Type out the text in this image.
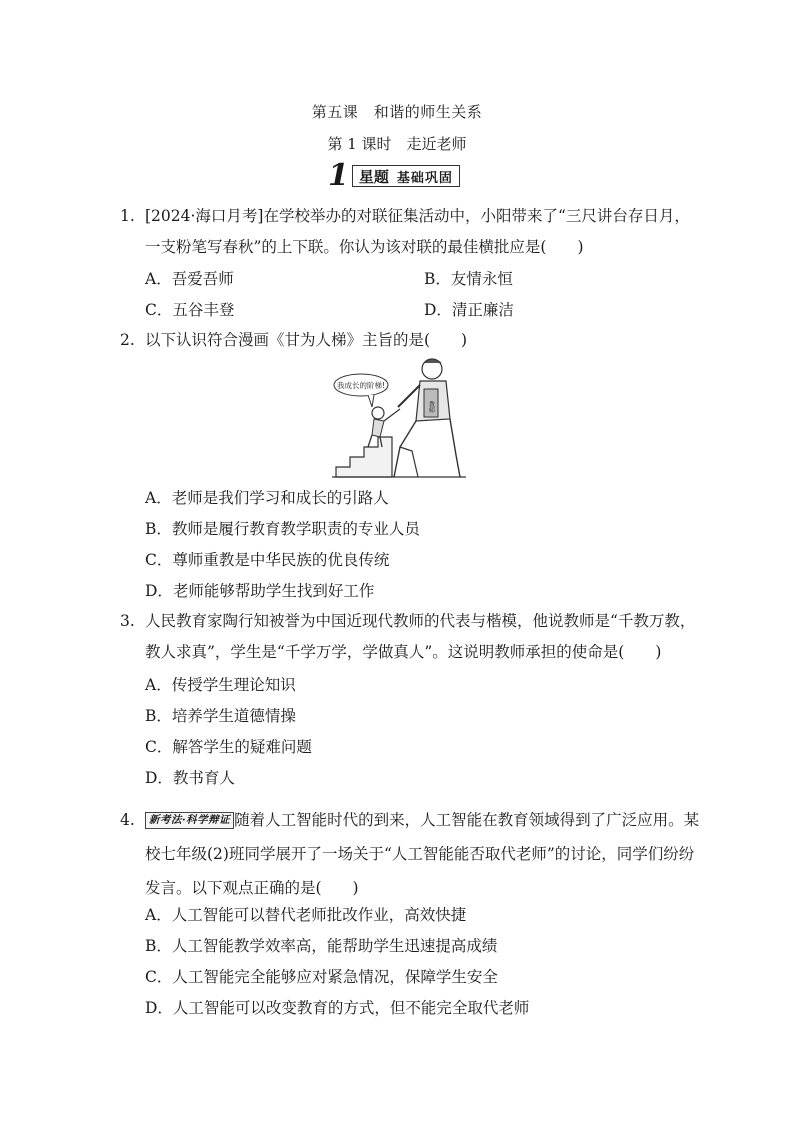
第五课　和谐的师生关系
第 1 课时　走近老师
1 星题 基础巩固
1. [2024·海口月考]在学校举办的对联征集活动中，小阳带来了“三尺讲台存日月，一支粉笔写春秋”的上下联。你认为该对联的最佳横批应是(　　)
A．吾爱吾师	B．友情永恒
C．五谷丰登	D．清正廉洁
2. 以下认识符合漫画《甘为人梯》主旨的是(　　)
我成长的阶梯!
教师
A．老师是我们学习和成长的引路人
B．教师是履行教育教学职责的专业人员
C．尊师重教是中华民族的优良传统
D．老师能够帮助学生找到好工作
3. 人民教育家陶行知被誉为中国近现代教师的代表与楷模，他说教师是“千教万教，教人求真”，学生是“千学万学，学做真人”。这说明教师承担的使命是(　　)
A．传授学生理论知识
B．培养学生道德情操
C．解答学生的疑难问题
D．教书育人
4.	新考法·科学辩证 随着人工智能时代的到来，人工智能在教育领域得到了广泛应用。某校七年级(2)班同学展开了一场关于“人工智能能否取代老师”的讨论，同学们纷纷发言。以下观点正确的是(　　)
A．人工智能可以替代老师批改作业，高效快捷
B．人工智能教学效率高，能帮助学生迅速提高成绩
C．人工智能完全能够应对紧急情况，保障学生安全
D．人工智能可以改变教育的方式，但不能完全取代老师
